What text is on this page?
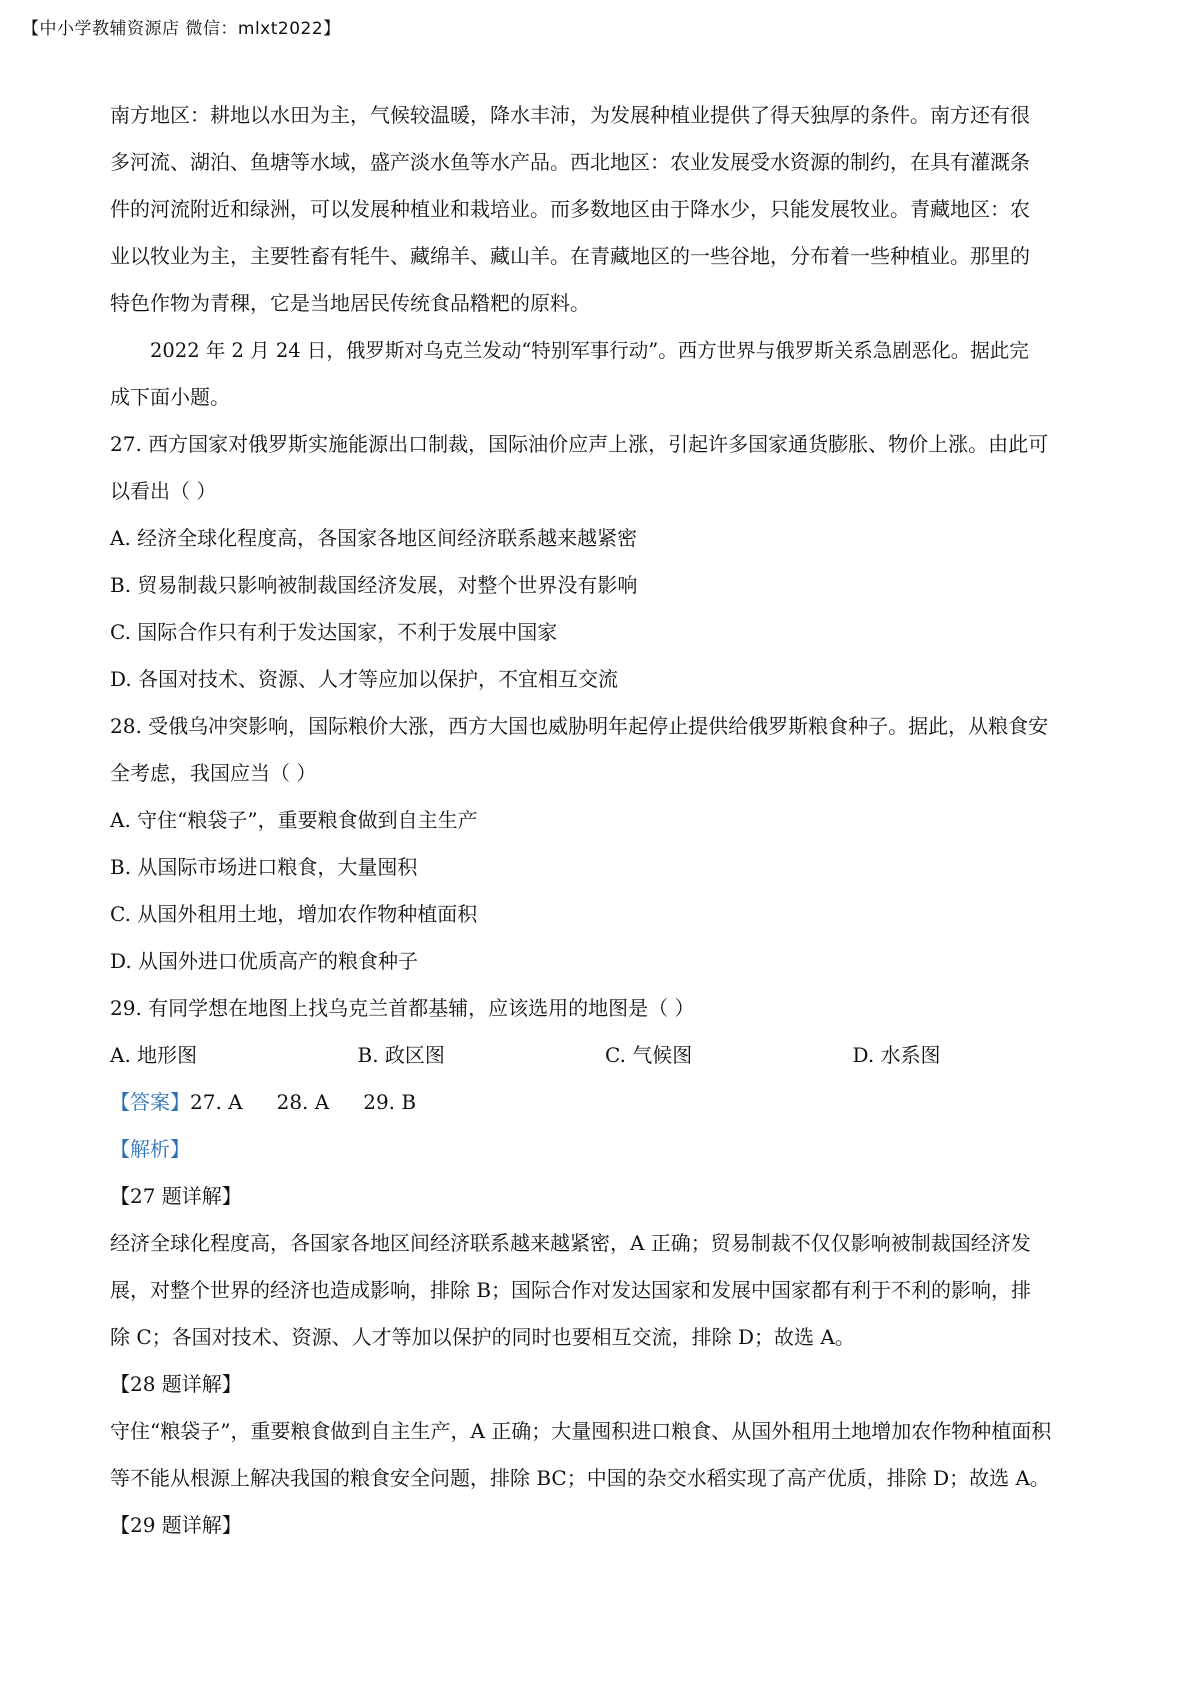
【中小学教辅资源店 微信：mlxt2022】

南方地区：耕地以水田为主，气候较温暖，降水丰沛，为发展种植业提供了得天独厚的条件。南方还有很

多河流、湖泊、鱼塘等水域，盛产淡水鱼等水产品。西北地区：农业发展受水资源的制约，在具有灌溉条

件的河流附近和绿洲，可以发展种植业和栽培业。而多数地区由于降水少，只能发展牧业。青藏地区：农

业以牧业为主，主要牲畜有牦牛、藏绵羊、藏山羊。在青藏地区的一些谷地，分布着一些种植业。那里的

特色作物为青稞，它是当地居民传统食品糌粑的原料。

2022 年 2 月 24 日，俄罗斯对乌克兰发动“特别军事行动”。西方世界与俄罗斯关系急剧恶化。据此完

成下面小题。

27. 西方国家对俄罗斯实施能源出口制裁，国际油价应声上涨，引起许多国家通货膨胀、物价上涨。由此可

以看出（ ）

A. 经济全球化程度高，各国家各地区间经济联系越来越紧密

B. 贸易制裁只影响被制裁国经济发展，对整个世界没有影响

C. 国际合作只有利于发达国家，不利于发展中国家

D. 各国对技术、资源、人才等应加以保护，不宜相互交流

28. 受俄乌冲突影响，国际粮价大涨，西方大国也威胁明年起停止提供给俄罗斯粮食种子。据此，从粮食安

全考虑，我国应当（ ）

A. 守住“粮袋子”，重要粮食做到自主生产

B. 从国际市场进口粮食，大量囤积

C. 从国外租用土地，增加农作物种植面积

D. 从国外进口优质高产的粮食种子

29. 有同学想在地图上找乌克兰首都基辅，应该选用的地图是（ ）

A. 地形图	B. 政区图	C. 气候图	D. 水系图

【答案】27. A 28. A 29. B

【解析】

【27 题详解】

经济全球化程度高，各国家各地区间经济联系越来越紧密，A 正确；贸易制裁不仅仅影响被制裁国经济发

展，对整个世界的经济也造成影响，排除 B；国际合作对发达国家和发展中国家都有利于不利的影响，排

除 C；各国对技术、资源、人才等加以保护的同时也要相互交流，排除 D；故选 A。

【28 题详解】

守住“粮袋子”，重要粮食做到自主生产，A 正确；大量囤积进口粮食、从国外租用土地增加农作物种植面积

等不能从根源上解决我国的粮食安全问题，排除 BC；中国的杂交水稻实现了高产优质，排除 D；故选 A。

【29 题详解】
